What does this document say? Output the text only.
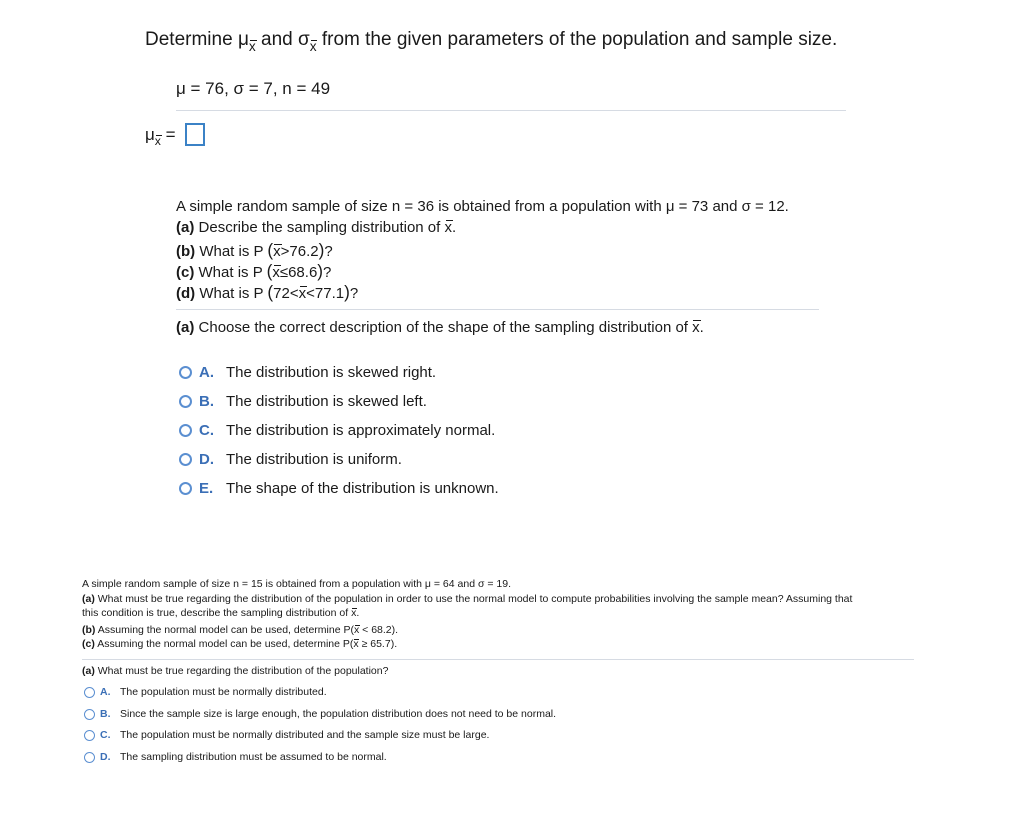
Determine μx and σx from the given parameters of the population and sample size.
μ = 76, σ = 7, n = 49
μx =
A simple random sample of size n = 36 is obtained from a population with μ = 73 and σ = 12.
(a) Describe the sampling distribution of x.
(b) What is P (x>76.2)?
(c) What is P (x≤68.6)?
(d) What is P (72<x<77.1)?
(a) Choose the correct description of the shape of the sampling distribution of x.
A. The distribution is skewed right.
B. The distribution is skewed left.
C. The distribution is approximately normal.
D. The distribution is uniform.
E. The shape of the distribution is unknown.
A simple random sample of size n = 15 is obtained from a population with μ = 64 and σ = 19.
(a) What must be true regarding the distribution of the population in order to use the normal model to compute probabilities involving the sample mean? Assuming that
this condition is true, describe the sampling distribution of x.
(b) Assuming the normal model can be used, determine P(x < 68.2).
(c) Assuming the normal model can be used, determine P(x ≥ 65.7).
(a) What must be true regarding the distribution of the population?
A. The population must be normally distributed.
B. Since the sample size is large enough, the population distribution does not need to be normal.
C. The population must be normally distributed and the sample size must be large.
D. The sampling distribution must be assumed to be normal.
